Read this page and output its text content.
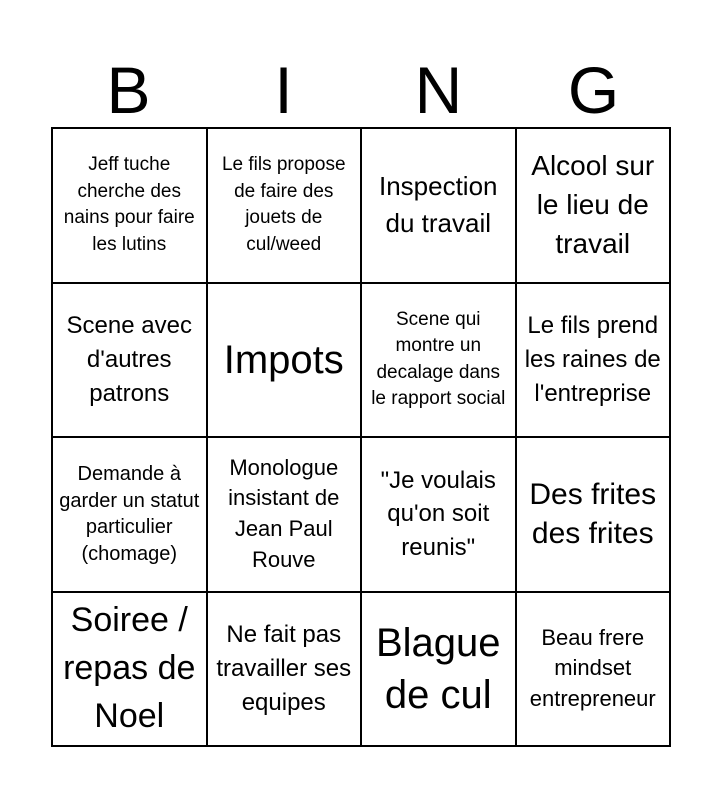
B	I	N	G
Jeff tuche cherche des nains pour faire les lutins
Le fils propose de faire des jouets de cul/weed
Inspection du travail
Alcool sur le lieu de travail
Scene avec d'autres patrons
Impots
Scene qui montre un decalage dans le rapport social
Le fils prend les raines de l'entreprise
Demande à garder un statut particulier (chomage)
Monologue insistant de Jean Paul Rouve
"Je voulais qu'on soit reunis"
Des frites des frites
Soiree / repas de Noel
Ne fait pas travailler ses equipes
Blague de cul
Beau frere mindset entrepreneur
